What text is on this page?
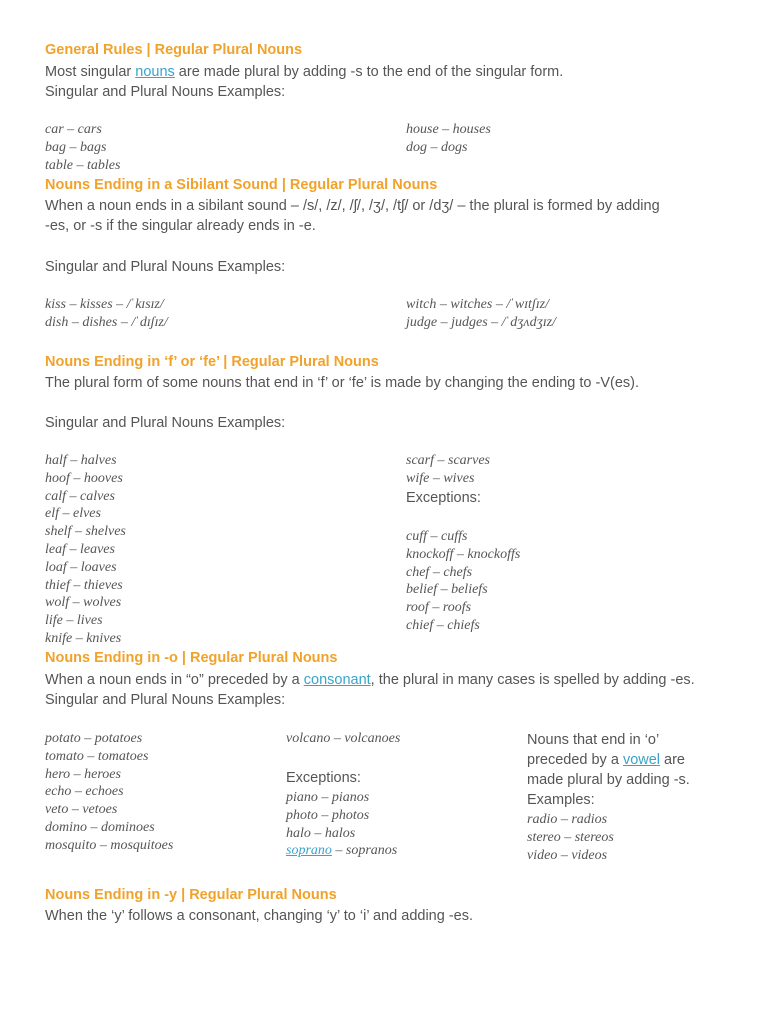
General Rules | Regular Plural Nouns
Most singular nouns are made plural by adding -s to the end of the singular form.
Singular and Plural Nouns Examples:
car – cars
bag – bags
table – tables
house – houses
dog – dogs
Nouns Ending in a Sibilant Sound | Regular Plural Nouns
When a noun ends in a sibilant sound – /s/, /z/, /ʃ/, /ʒ/, /tʃ/ or /dʒ/ – the plural is formed by adding
-es, or -s if the singular already ends in -e.
Singular and Plural Nouns Examples:
kiss – kisses – /ˈkɪsɪz/
dish – dishes – /ˈdɪʃɪz/
witch – witches – /ˈwɪtʃɪz/
judge – judges – /ˈdʒʌdʒɪz/
Nouns Ending in ‘f’ or ‘fe’ | Regular Plural Nouns
The plural form of some nouns that end in ‘f’ or ‘fe’ is made by changing the ending to -V(es).
Singular and Plural Nouns Examples:
half – halves
hoof – hooves
calf – calves
elf – elves
shelf – shelves
leaf – leaves
loaf – loaves
thief – thieves
wolf – wolves
life – lives
knife – knives
scarf – scarves
wife – wives
Exceptions:
cuff – cuffs
knockoff – knockoffs
chef – chefs
belief – beliefs
roof – roofs
chief – chiefs
Nouns Ending in -o | Regular Plural Nouns
When a noun ends in “o” preceded by a consonant, the plural in many cases is spelled by adding -es.
Singular and Plural Nouns Examples:
potato – potatoes
tomato – tomatoes
hero – heroes
echo – echoes
veto – vetoes
domino – dominoes
mosquito – mosquitoes
volcano – volcanoes
Exceptions:
piano – pianos
photo – photos
halo – halos
soprano – sopranos
Nouns that end in ‘o’
preceded by a vowel are
made plural by adding -s.
Examples:
radio – radios
stereo – stereos
video – videos
Nouns Ending in -y | Regular Plural Nouns
When the ‘y’ follows a consonant, changing ‘y’ to ‘i’ and adding -es.
